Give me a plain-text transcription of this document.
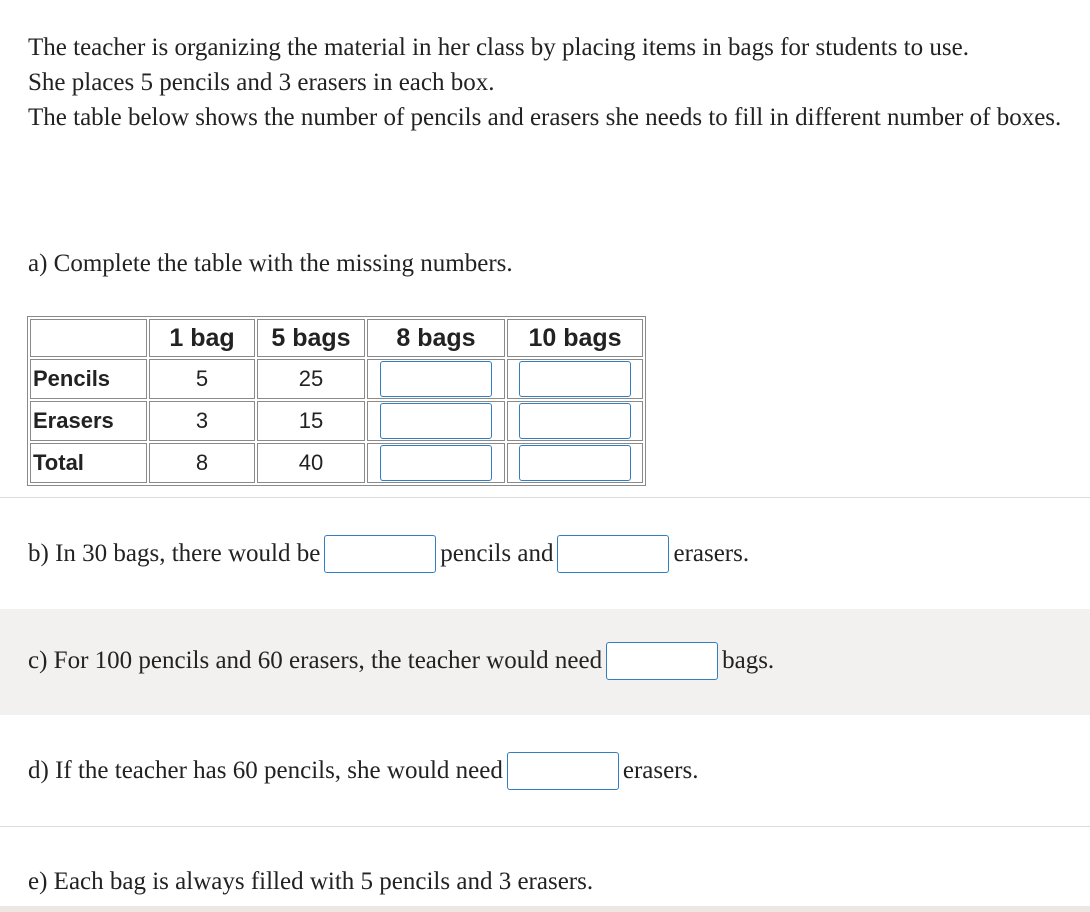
The teacher is organizing the material in her class by placing items in bags for students to use.

She places 5 pencils and 3 erasers in each box.

The table below shows the number of pencils and erasers she needs to fill in different number of boxes.

a) Complete the table with the missing numbers.
	1 bag	5 bags	8 bags	10 bags
Pencils	5	25		
Erasers	3	15		
Total	8	40		
b) In 30 bags, there would be	pencils and	erasers.
c) For 100 pencils and 60 erasers, the teacher would need	bags.
d) If the teacher has 60 pencils, she would need	erasers.
e) Each bag is always filled with 5 pencils and 3 erasers.
